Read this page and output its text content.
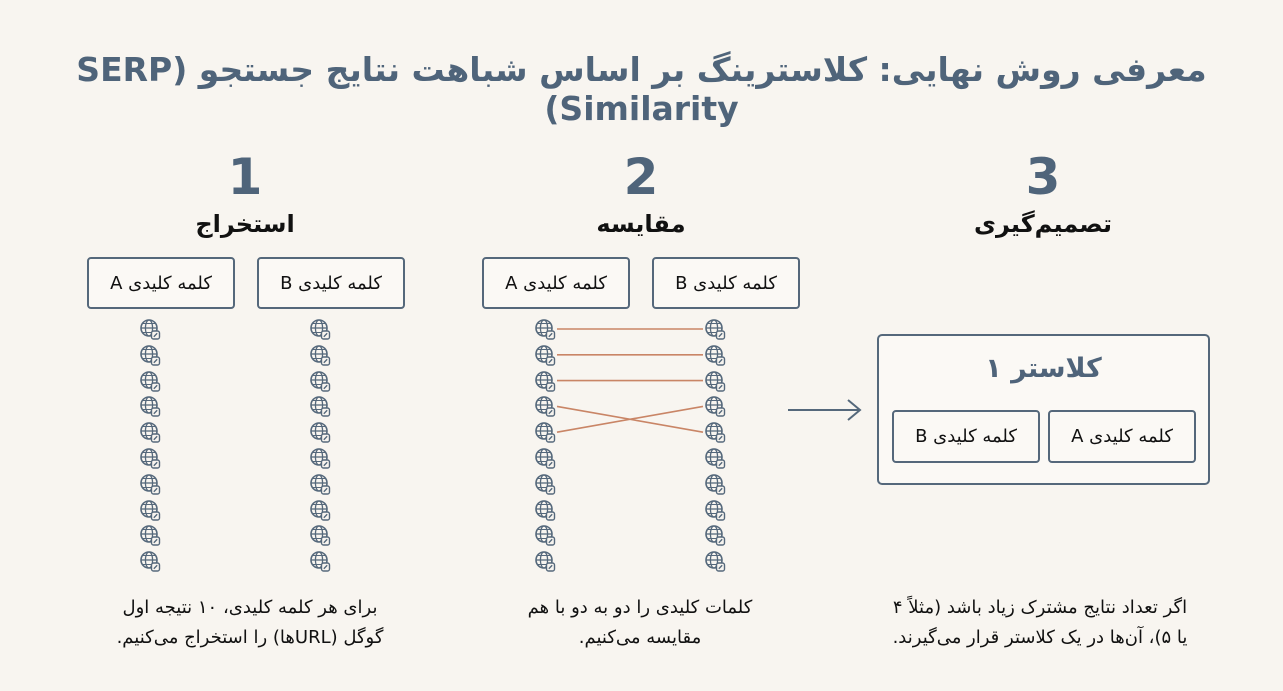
معرفی روش نهایی: کلاسترینگ بر اساس شباهت نتایج جستجو (SERP Similarity)
1
استخراج
کلمه کلیدی A	کلمه کلیدی B
برای هر کلمه کلیدی، ۱۰ نتیجه اول
گوگل (URLها) را استخراج می‌کنیم.
2
مقایسه
کلمه کلیدی A	کلمه کلیدی B
کلمات کلیدی را دو به دو با هم
مقایسه می‌کنیم.
3
تصمیم‌گیری
کلاستر ۱
کلمه کلیدی A
کلمه کلیدی B
اگر تعداد نتایج مشترک زیاد باشد (مثلاً ۴
یا ۵)، آن‌ها در یک کلاستر قرار می‌گیرند.
